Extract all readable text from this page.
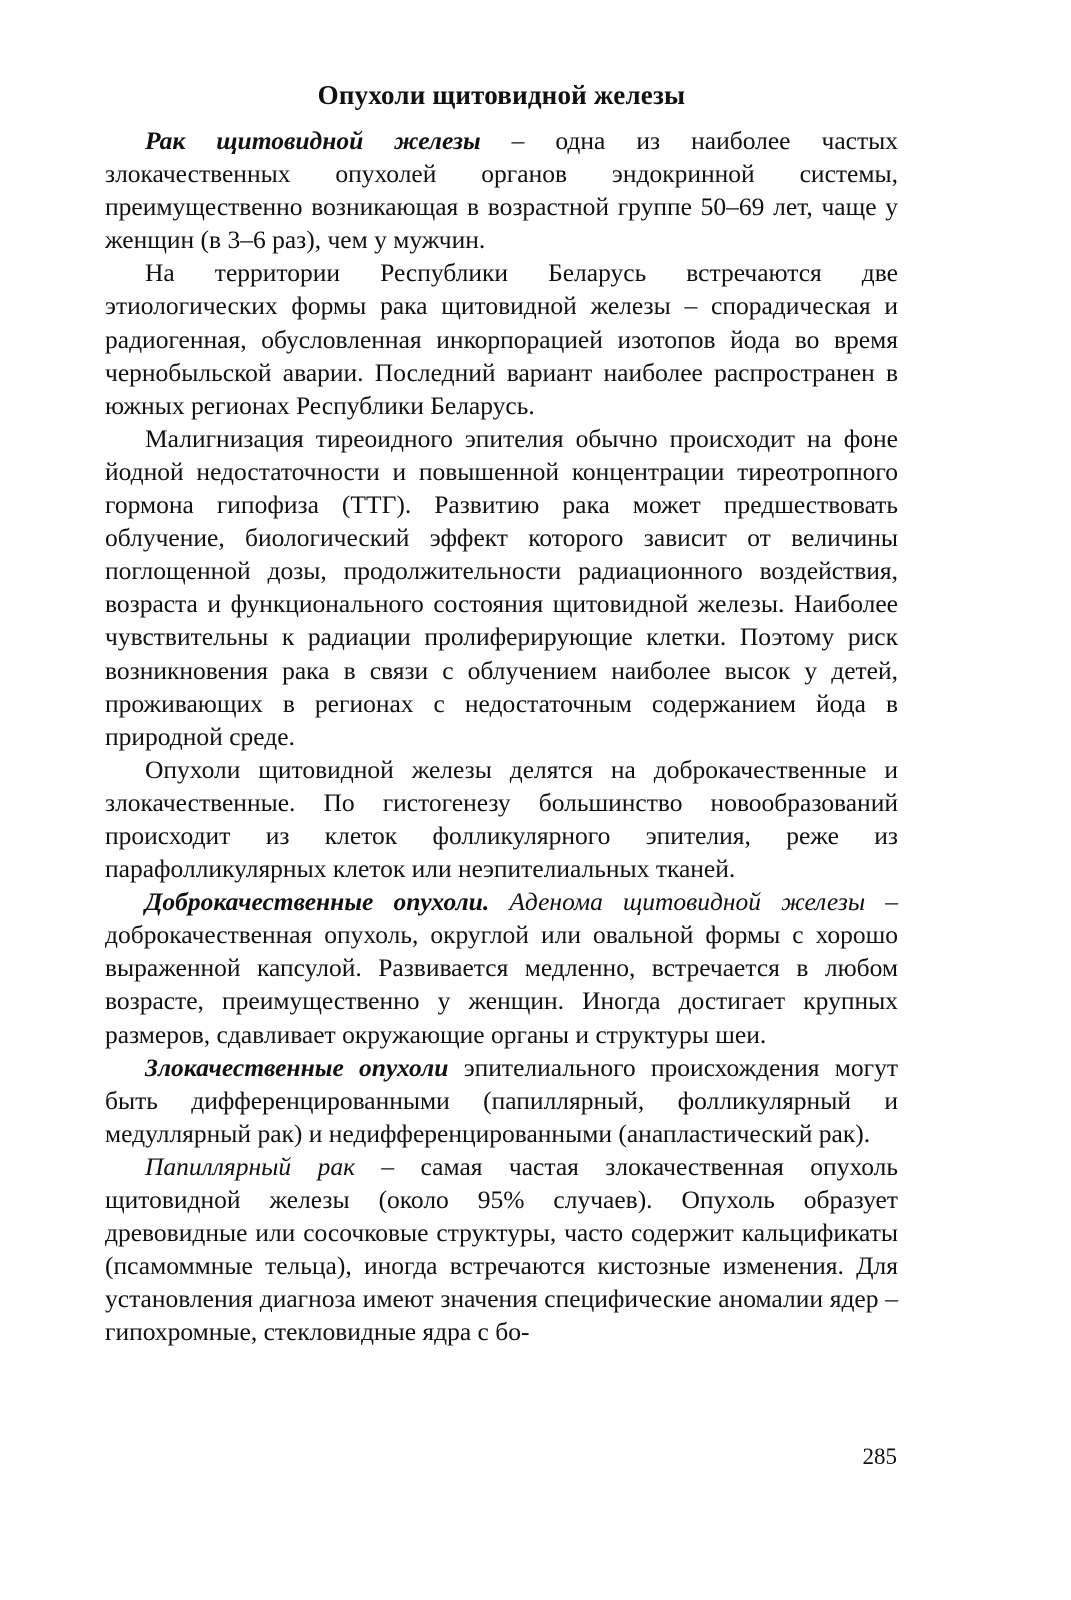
Опухоли щитовидной железы

Рак щитовидной железы – одна из наиболее частых злокачественных опухолей органов эндокринной системы, преимущественно возникающая в возрастной группе 50–69 лет, чаще у женщин (в 3–6 раз), чем у мужчин.

На территории Республики Беларусь встречаются две этиологических формы рака щитовидной железы – спорадическая и радиогенная, обусловленная инкорпорацией изотопов йода во время чернобыльской аварии. Последний вариант наиболее распространен в южных регионах Республики Беларусь.

Малигнизация тиреоидного эпителия обычно происходит на фоне йодной недостаточности и повышенной концентрации тиреотропного гормона гипофиза (ТТГ). Развитию рака может предшествовать облучение, биологический эффект которого зависит от величины поглощенной дозы, продолжительности радиационного воздействия, возраста и функционального состояния щитовидной железы. Наиболее чувствительны к радиации пролиферирующие клетки. Поэтому риск возникновения рака в связи с облучением наиболее высок у детей, проживающих в регионах с недостаточным содержанием йода в природной среде.

Опухоли щитовидной железы делятся на доброкачественные и злокачественные. По гистогенезу большинство новообразований происходит из клеток фолликулярного эпителия, реже из парафолликулярных клеток или неэпителиальных тканей.

Доброкачественные опухоли. Аденома щитовидной железы – доброкачественная опухоль, округлой или овальной формы с хорошо выраженной капсулой. Развивается медленно, встречается в любом возрасте, преимущественно у женщин. Иногда достигает крупных размеров, сдавливает окружающие органы и структуры шеи.

Злокачественные опухоли эпителиального происхождения могут быть дифференцированными (папиллярный, фолликулярный и медуллярный рак) и недифференцированными (анапластический рак).

Папиллярный рак – самая частая злокачественная опухоль щитовидной железы (около 95% случаев). Опухоль образует древовидные или сосочковые структуры, часто содержит кальцификаты (псамоммные тельца), иногда встречаются кистозные изменения. Для установления диагноза имеют значения специфические аномалии ядер – гипохромные, стекловидные ядра с бо-

285
